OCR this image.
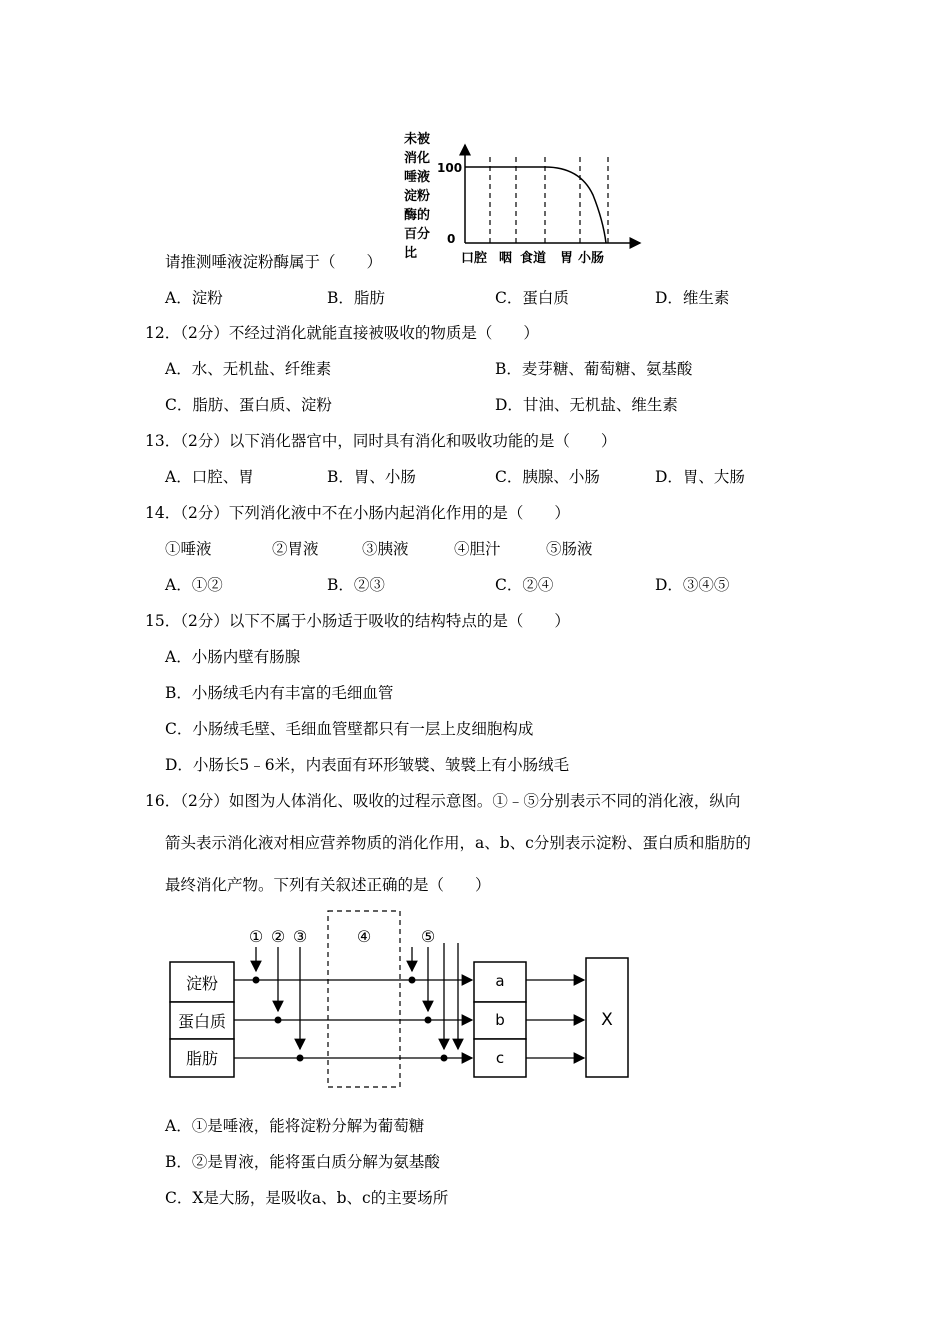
未被
消化
唾液
淀粉
酶的
百分
比
100
0
口腔 咽 食道 胃 小肠
请推测唾液淀粉酶属于（　　）
A．淀粉	B．脂肪	C．蛋白质	D．维生素
12．（2分）不经过消化就能直接被吸收的物质是（　　）
A．水、无机盐、纤维素	B．麦芽糖、葡萄糖、氨基酸
C．脂肪、蛋白质、淀粉	D．甘油、无机盐、维生素
13．（2分）以下消化器官中，同时具有消化和吸收功能的是（　　）
A．口腔、胃	B．胃、小肠	C．胰腺、小肠	D．胃、大肠
14．（2分）下列消化液中不在小肠内起消化作用的是（　　）
①唾液	②胃液	③胰液	④胆汁	⑤肠液
A．①②	B．②③	C．②④	D．③④⑤
15．（2分）以下不属于小肠适于吸收的结构特点的是（　　）
A．小肠内壁有肠腺
B．小肠绒毛内有丰富的毛细血管
C．小肠绒毛壁、毛细血管壁都只有一层上皮细胞构成
D．小肠长5﹣6米，内表面有环形皱襞、皱襞上有小肠绒毛
16．（2分）如图为人体消化、吸收的过程示意图。①﹣⑤分别表示不同的消化液，纵向
箭头表示消化液对相应营养物质的消化作用，a、b、c分别表示淀粉、蛋白质和脂肪的
最终消化产物。下列有关叙述正确的是（　　）
淀粉
蛋白质
脂肪
④
① ② ③	⑤
a
b
c
X
A．①是唾液，能将淀粉分解为葡萄糖
B．②是胃液，能将蛋白质分解为氨基酸
C．X是大肠，是吸收a、b、c的主要场所
